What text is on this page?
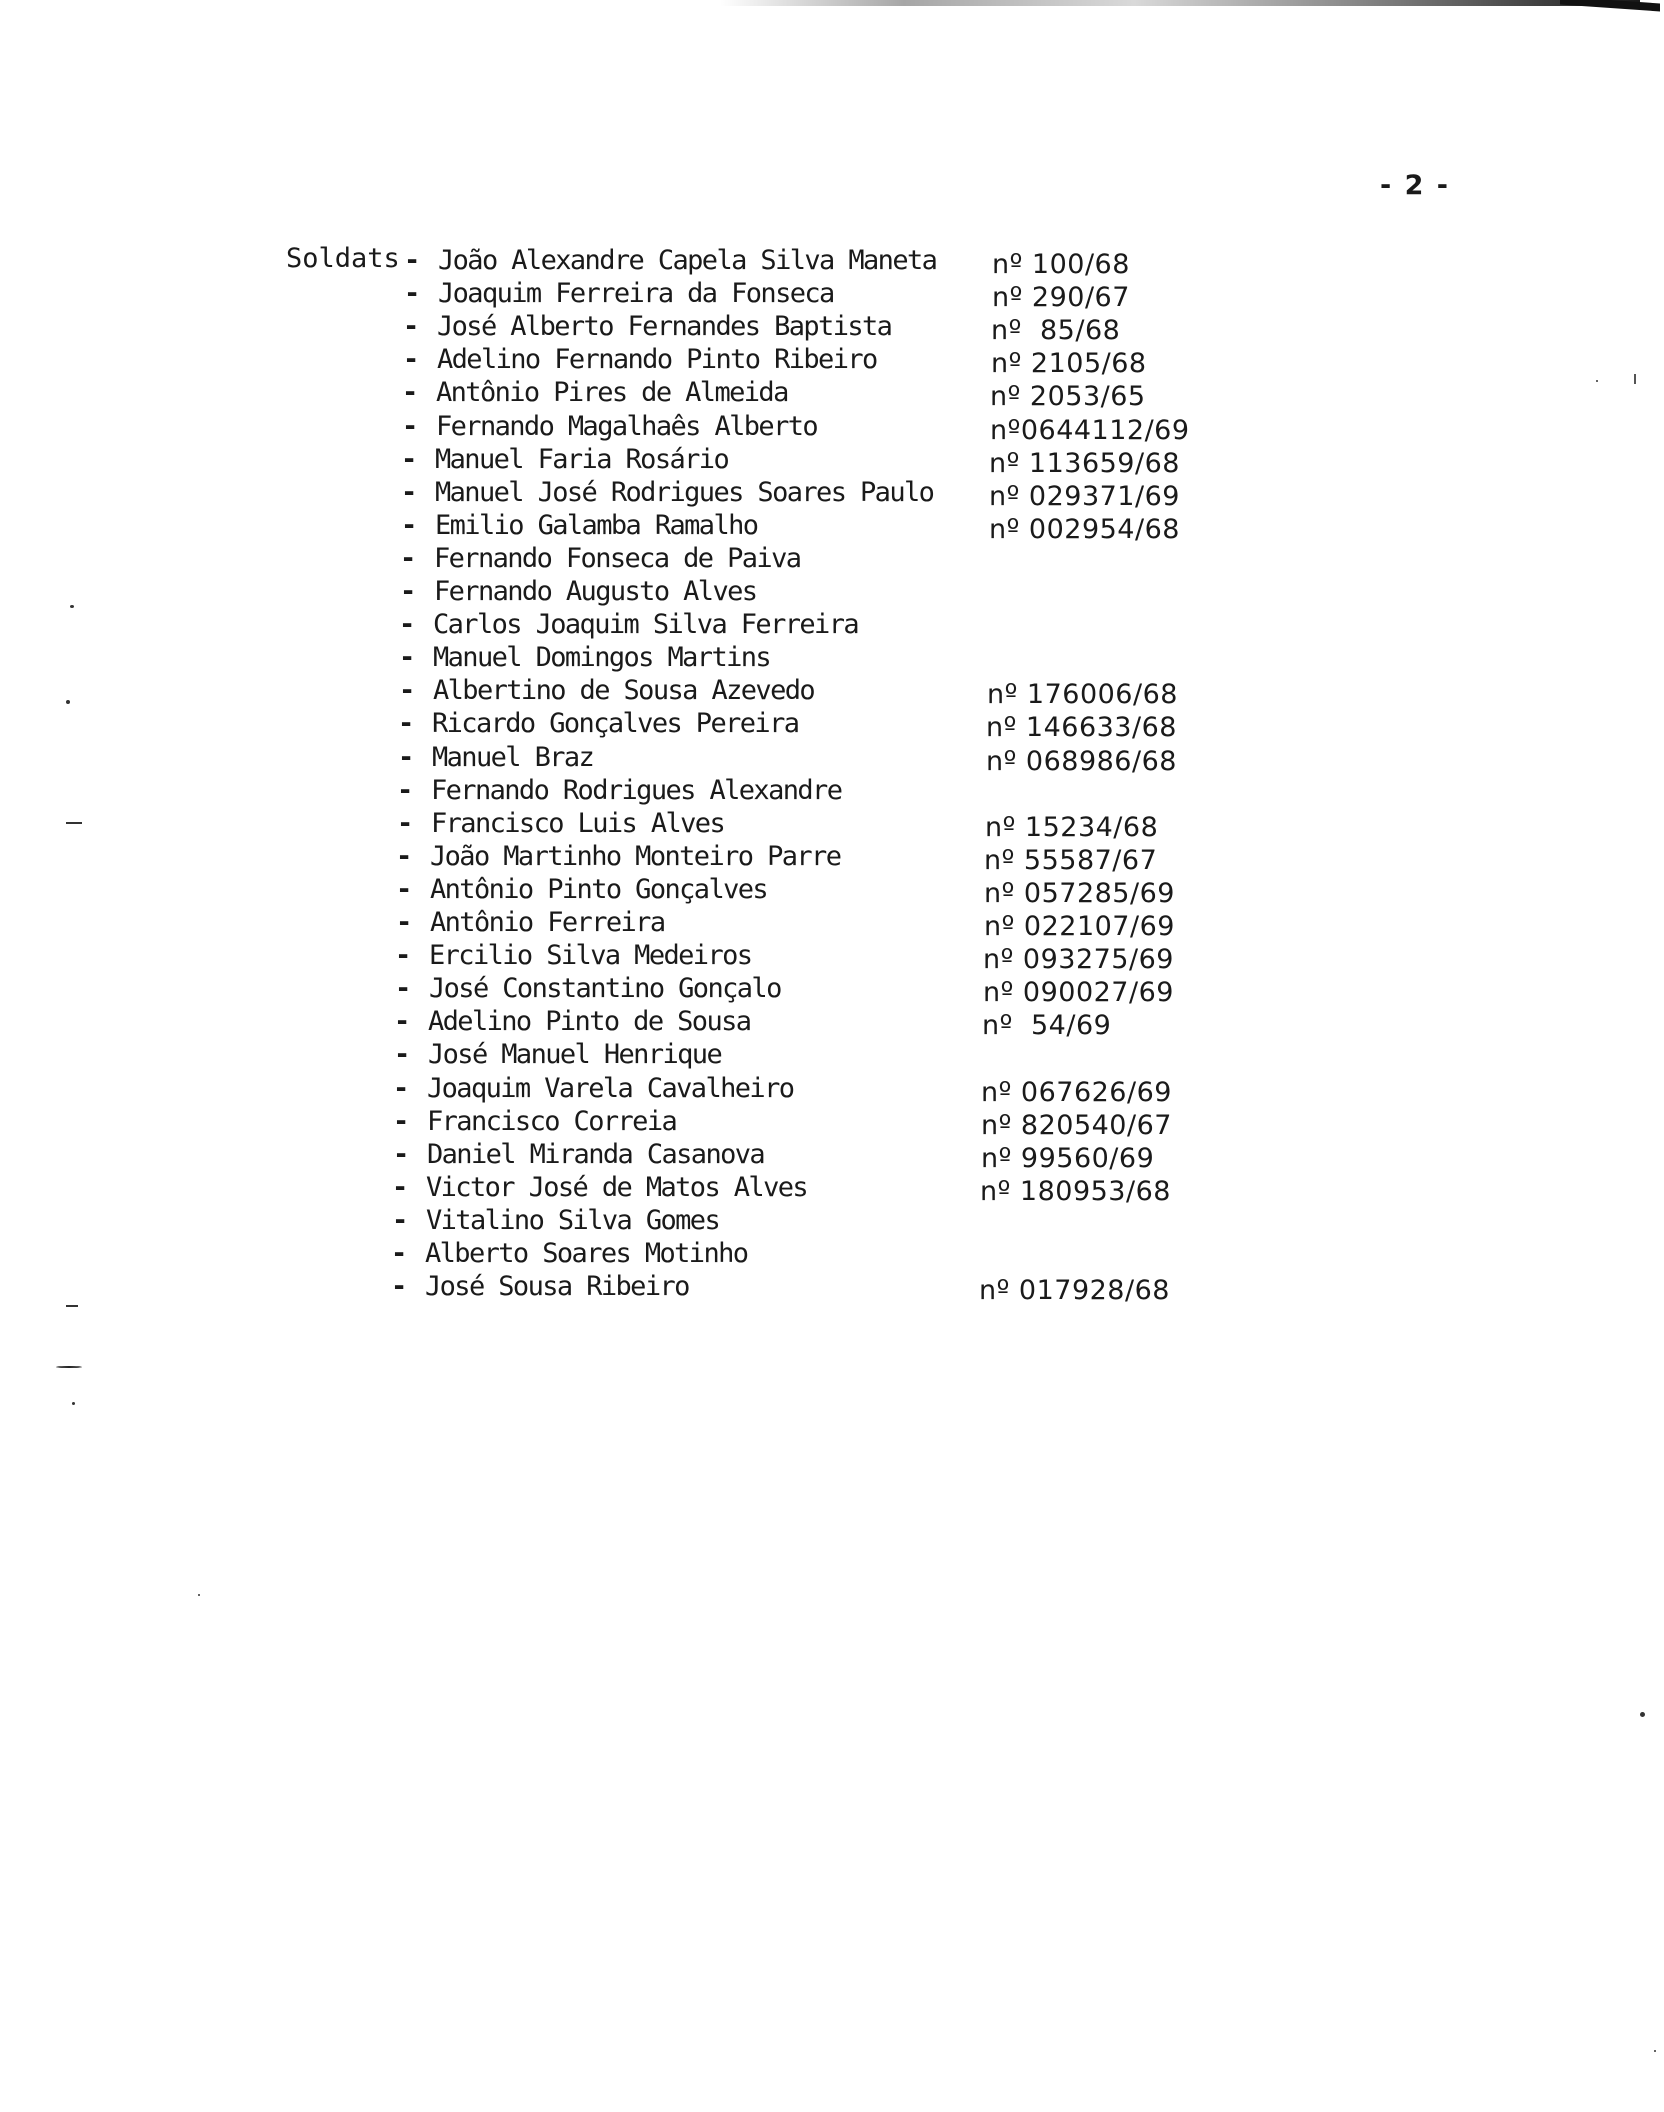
- 2 -
Soldats - João Alexandre Capela Silva Maneta nº 100/68
- Joaquim Ferreira da Fonseca	nº 290/67
- José Alberto Fernandes Baptista	nº  85/68
- Adelino Fernando Pinto Ribeiro	nº 2105/68
- Antônio Pires de Almeida	nº 2053/65
- Fernando Magalhaês Alberto	nº0644112/69
- Manuel Faria Rosário	nº 113659/68
- Manuel José Rodrigues Soares Paulo nº 029371/69
- Emilio Galamba Ramalho	nº 002954/68
- Fernando Fonseca de Paiva
- Fernando Augusto Alves
- Carlos Joaquim Silva Ferreira
- Manuel Domingos Martins
- Albertino de Sousa Azevedo	nº 176006/68
- Ricardo Gonçalves Pereira	nº 146633/68
- Manuel Braz	nº 068986/68
- Fernando Rodrigues Alexandre
- Francisco Luis Alves	nº 15234/68
- João Martinho Monteiro Parre	nº 55587/67
- Antônio Pinto Gonçalves	nº 057285/69
- Antônio Ferreira	nº 022107/69
- Ercilio Silva Medeiros	nº 093275/69
- José Constantino Gonçalo	nº 090027/69
- Adelino Pinto de Sousa	nº  54/69
- José Manuel Henrique
- Joaquim Varela Cavalheiro	nº 067626/69
- Francisco Correia	nº 820540/67
- Daniel Miranda Casanova	nº 99560/69
- Victor José de Matos Alves	nº 180953/68
- Vitalino Silva Gomes
- Alberto Soares Motinho
- José Sousa Ribeiro	nº 017928/68
